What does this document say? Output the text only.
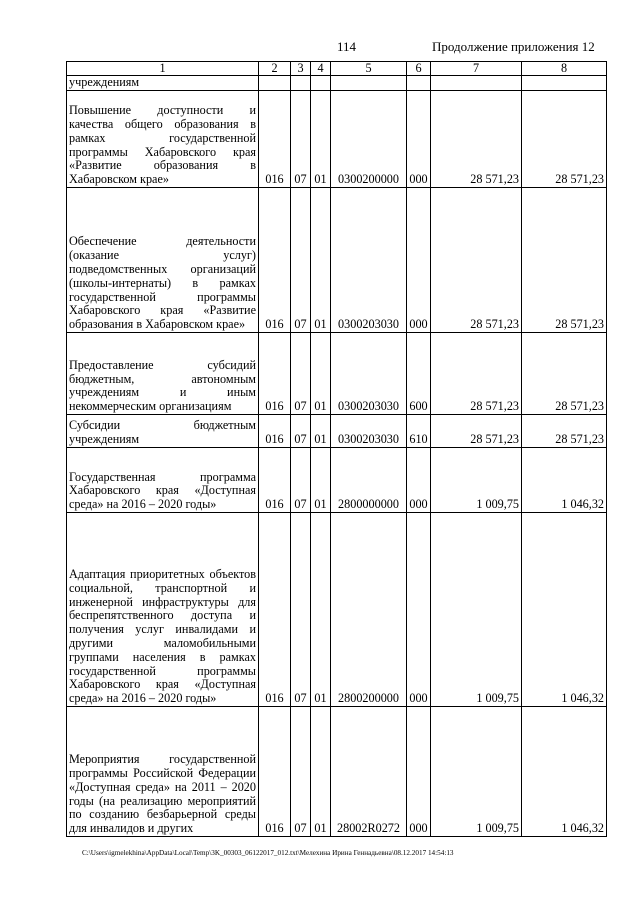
114	Продолжение приложения 12
1	2	3	4	5	6	7	8
учреждениям							
Повышение доступности и качества общего образования в рамках государственной программы Хабаровского края «Развитие образования в Хабаровском крае»	016	07	01	0300200000	000	28 571,23	28 571,23
Обеспечение деятельности (оказание услуг) подведомственных организаций (школы-интернаты) в рамках государственной программы Хабаровского края «Развитие образования в Хабаровском крае»	016	07	01	0300203030	000	28 571,23	28 571,23
Предоставление субсидий бюджетным, автономным учреждениям и иным некоммерческим организациям	016	07	01	0300203030	600	28 571,23	28 571,23
Субсидии бюджетным учреждениям	016	07	01	0300203030	610	28 571,23	28 571,23
Государственная программа Хабаровского края «Доступная среда» на 2016 – 2020 годы»	016	07	01	2800000000	000	1 009,75	1 046,32
Адаптация приоритетных объектов социальной, транспортной и инженерной инфраструктуры для беспрепятственного доступа и получения услуг инвалидами и другими маломобильными группами населения в рамках государственной программы Хабаровского края «Доступная среда» на 2016 – 2020 годы»	016	07	01	2800200000	000	1 009,75	1 046,32
Мероприятия государственной программы Российской Федерации «Доступная среда» на 2011 – 2020 годы (на реализацию мероприятий по созданию безбарьерной среды для инвалидов и других	016	07	01	28002R0272	000	1 009,75	1 046,32
C:\Users\igmelekhina\AppData\Local\Temp\3K_00303_06122017_012.txt\Мелехина Ирина Геннадьевна\08.12.2017 14:54:13
